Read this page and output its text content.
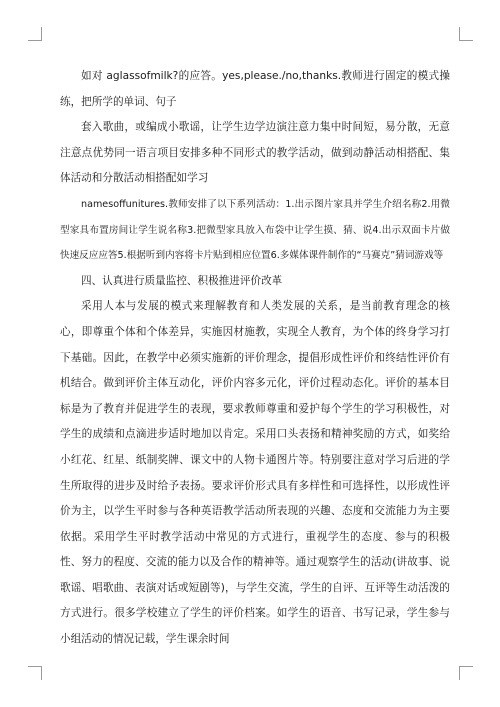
如对 aglassofmilk?的应答。yes,please./no,thanks.教师进行固定的模式操练，把所学的单词、句子

套入歌曲，或编成小歌谣，让学生边学边演注意力集中时间短，易分散，无意注意点优势同一语言项目安排多种不同形式的教学活动，做到动静活动相搭配、集体活动和分散活动相搭配如学习

namesoffunitures.教师安排了以下系列活动：1.出示图片家具并学生介绍名称2.用微型家具布置房间让学生说名称3.把微型家具放入布袋中让学生摸、猜、说4.出示双面卡片做快速反应应答5.根据听到内容将卡片贴到相应位置6.多媒体课件制作的“马赛克”猜词游戏等

四、认真进行质量监控、积极推进评价改革

采用人本与发展的模式来理解教育和人类发展的关系，是当前教育理念的核心，即尊重个体和个体差异，实施因材施教，实现全人教育，为个体的终身学习打下基础。因此，在教学中必须实施新的评价理念，提倡形成性评价和终结性评价有机结合。做到评价主体互动化，评价内容多元化，评价过程动态化。评价的基本目标是为了教育并促进学生的表现，要求教师尊重和爱护每个学生的学习积极性，对学生的成绩和点滴进步适时地加以肯定。采用口头表扬和精神奖励的方式，如奖给小红花、红星、纸制奖牌、课文中的人物卡通图片等。特别要注意对学习后进的学生所取得的进步及时给予表扬。要求评价形式具有多样性和可选择性，以形成性评价为主，以学生平时参与各种英语教学活动所表现的兴趣、态度和交流能力为主要依据。采用学生平时教学活动中常见的方式进行，重视学生的态度、参与的积极性、努力的程度、交流的能力以及合作的精神等。通过观察学生的活动(讲故事、说歌谣、唱歌曲、表演对话或短剧等)，与学生交流，学生的自评、互评等生动活泼的方式进行。很多学校建立了学生的评价档案。如学生的语音、书写记录，学生参与小组活动的情况记载，学生课余时间
